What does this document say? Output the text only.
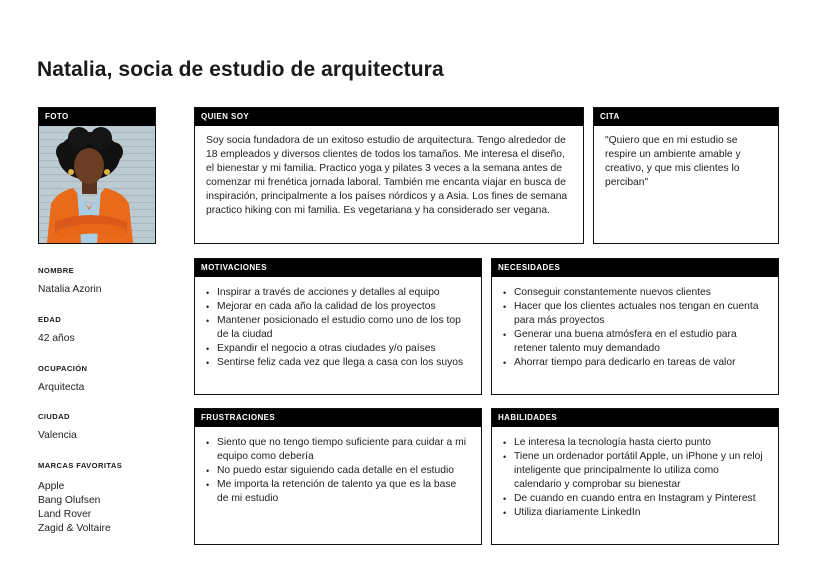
Natalia, socia de estudio de arquitectura
FOTO	QUIEN SOY
Soy socia fundadora de un exitoso estudio de arquitectura. Tengo alrededor de 18 empleados y diversos clientes de todos los tamaños. Me interesa el diseño, el bienestar y mi familia. Practico yoga y pilates 3 veces a la semana antes de comenzar mi frenética jornada laboral. También me encanta viajar en busca de inspiración, principalmente a los países nórdicos y a Asia. Los fines de semana practico hiking con mi familia. Es vegetariana y ha considerado ser vegana.
CITA
"Quiero que en mi estudio se respire un ambiente amable y creativo, y que mis clientes lo perciban"
MOTIVACIONES
• Inspirar a través de acciones y detalles al equipo
• Mejorar en cada año la calidad de los proyectos
• Mantener posicionado el estudio como uno de los top de la ciudad
• Expandir el negocio a otras ciudades y/o países
• Sentirse feliz cada vez que llega a casa con los suyos
NECESIDADES
• Conseguir constantemente nuevos clientes
• Hacer que los clientes actuales nos tengan en cuenta para más proyectos
• Generar una buena atmósfera en el estudio para retener talento muy demandado
• Ahorrar tiempo para dedicarlo en tareas de valor
FRUSTRACIONES
• Siento que no tengo tiempo suficiente para cuidar a mi equipo como debería
• No puedo estar siguiendo cada detalle en el estudio
• Me importa la retención de talento ya que es la base de mi estudio
HABILIDADES
• Le interesa la tecnología hasta cierto punto
• Tiene un ordenador portátil Apple, un iPhone y un reloj inteligente que principalmente lo utiliza como calendario y comprobar su bienestar
• De cuando en cuando entra en Instagram y Pinterest
• Utiliza diariamente LinkedIn
NOMBRE
Natalia Azorin
EDAD
42 años
OCUPACIÓN
Arquitecta
CIUDAD
Valencia
MARCAS FAVORITAS
Apple
Bang Olufsen
Land Rover
Zagid & Voltaire
